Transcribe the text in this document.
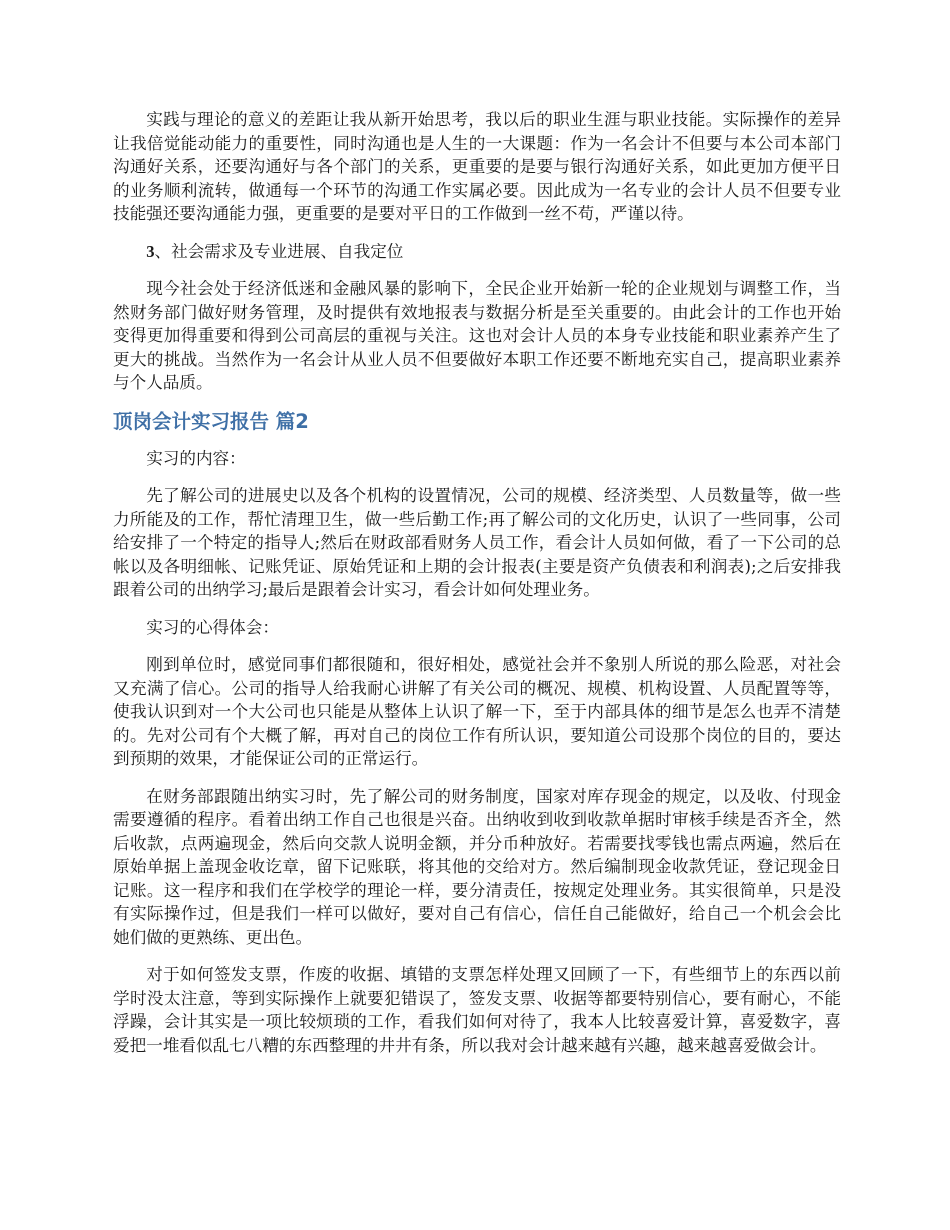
实践与理论的意义的差距让我从新开始思考，我以后的职业生涯与职业技能。实际操作的差异让我倍觉能动能力的重要性，同时沟通也是人生的一大课题：作为一名会计不但要与本公司本部门沟通好关系，还要沟通好与各个部门的关系，更重要的是要与银行沟通好关系，如此更加方便平日的业务顺利流转，做通每一个环节的沟通工作实属必要。因此成为一名专业的会计人员不但要专业技能强还要沟通能力强，更重要的是要对平日的工作做到一丝不苟，严谨以待。

3、社会需求及专业进展、自我定位

现今社会处于经济低迷和金融风暴的影响下，全民企业开始新一轮的企业规划与调整工作，当然财务部门做好财务管理，及时提供有效地报表与数据分析是至关重要的。由此会计的工作也开始变得更加得重要和得到公司高层的重视与关注。这也对会计人员的本身专业技能和职业素养产生了更大的挑战。当然作为一名会计从业人员不但要做好本职工作还要不断地充实自己，提高职业素养与个人品质。

顶岗会计实习报告 篇2

实习的内容：

先了解公司的进展史以及各个机构的设置情况，公司的规模、经济类型、人员数量等，做一些力所能及的工作，帮忙清理卫生，做一些后勤工作;再了解公司的文化历史，认识了一些同事，公司给安排了一个特定的指导人;然后在财政部看财务人员工作，看会计人员如何做，看了一下公司的总帐以及各明细帐、记账凭证、原始凭证和上期的会计报表(主要是资产负债表和利润表);之后安排我跟着公司的出纳学习;最后是跟着会计实习，看会计如何处理业务。

实习的心得体会：

刚到单位时，感觉同事们都很随和，很好相处，感觉社会并不象别人所说的那么险恶，对社会又充满了信心。公司的指导人给我耐心讲解了有关公司的概况、规模、机构设置、人员配置等等，使我认识到对一个大公司也只能是从整体上认识了解一下，至于内部具体的细节是怎么也弄不清楚的。先对公司有个大概了解，再对自己的岗位工作有所认识，要知道公司设那个岗位的目的，要达到预期的效果，才能保证公司的正常运行。

在财务部跟随出纳实习时，先了解公司的财务制度，国家对库存现金的规定，以及收、付现金需要遵循的程序。看着出纳工作自己也很是兴奋。出纳收到收到收款单据时审核手续是否齐全，然后收款，点两遍现金，然后向交款人说明金额，并分币种放好。若需要找零钱也需点两遍，然后在原始单据上盖现金收讫章，留下记账联，将其他的交给对方。然后编制现金收款凭证，登记现金日记账。这一程序和我们在学校学的理论一样，要分清责任，按规定处理业务。其实很简单，只是没有实际操作过，但是我们一样可以做好，要对自己有信心，信任自己能做好，给自己一个机会会比她们做的更熟练、更出色。

对于如何签发支票，作废的收据、填错的支票怎样处理又回顾了一下，有些细节上的东西以前学时没太注意，等到实际操作上就要犯错误了，签发支票、收据等都要特别信心，要有耐心，不能浮躁，会计其实是一项比较烦琐的工作，看我们如何对待了，我本人比较喜爱计算，喜爱数字，喜爱把一堆看似乱七八糟的东西整理的井井有条，所以我对会计越来越有兴趣，越来越喜爱做会计。
